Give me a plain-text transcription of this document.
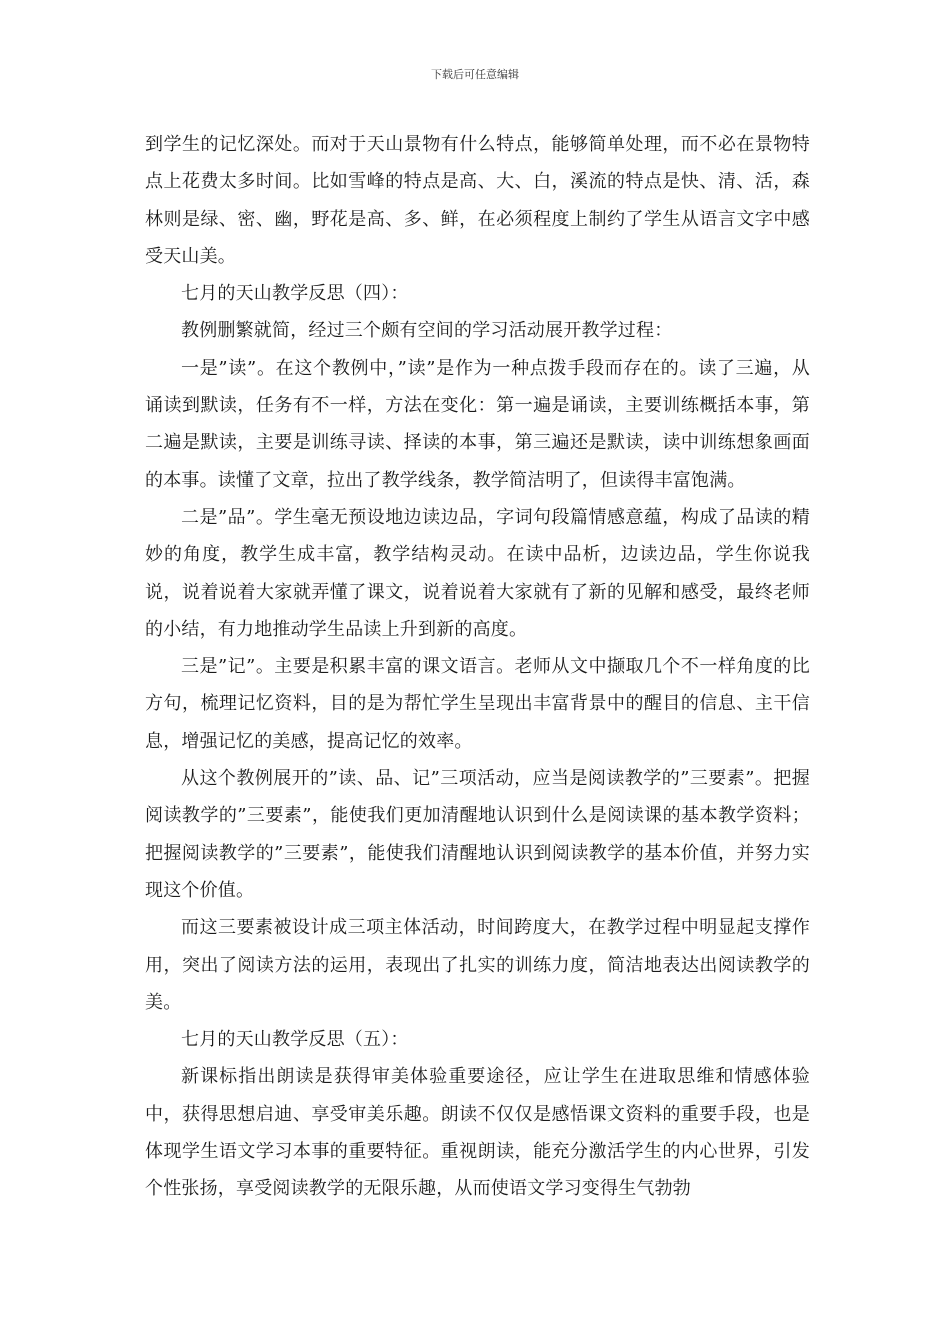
下载后可任意编辑

到学生的记忆深处。而对于天山景物有什么特点，能够简单处理，而不必在景物特点上花费太多时间。比如雪峰的特点是高、大、白，溪流的特点是快、清、活，森林则是绿、密、幽，野花是高、多、鲜，在必须程度上制约了学生从语言文字中感受天山美。

七月的天山教学反思（四）：

教例删繁就简，经过三个颇有空间的学习活动展开教学过程：

一是”读”。在这个教例中，”读”是作为一种点拨手段而存在的。读了三遍，从诵读到默读，任务有不一样，方法在变化：第一遍是诵读，主要训练概括本事，第二遍是默读，主要是训练寻读、择读的本事，第三遍还是默读，读中训练想象画面的本事。读懂了文章，拉出了教学线条，教学简洁明了，但读得丰富饱满。

二是”品”。学生毫无预设地边读边品，字词句段篇情感意蕴，构成了品读的精妙的角度，教学生成丰富，教学结构灵动。在读中品析，边读边品，学生你说我说，说着说着大家就弄懂了课文，说着说着大家就有了新的见解和感受，最终老师的小结，有力地推动学生品读上升到新的高度。

三是”记”。主要是积累丰富的课文语言。老师从文中撷取几个不一样角度的比方句，梳理记忆资料，目的是为帮忙学生呈现出丰富背景中的醒目的信息、主干信息，增强记忆的美感，提高记忆的效率。

从这个教例展开的”读、品、记”三项活动，应当是阅读教学的”三要素”。把握阅读教学的”三要素”，能使我们更加清醒地认识到什么是阅读课的基本教学资料；把握阅读教学的”三要素”，能使我们清醒地认识到阅读教学的基本价值，并努力实现这个价值。

而这三要素被设计成三项主体活动，时间跨度大，在教学过程中明显起支撑作用，突出了阅读方法的运用，表现出了扎实的训练力度，简洁地表达出阅读教学的美。

七月的天山教学反思（五）：

新课标指出朗读是获得审美体验重要途径，应让学生在进取思维和情感体验中，获得思想启迪、享受审美乐趣。朗读不仅仅是感悟课文资料的重要手段，也是体现学生语文学习本事的重要特征。重视朗读，能充分激活学生的内心世界，引发个性张扬，享受阅读教学的无限乐趣，从而使语文学习变得生气勃勃
